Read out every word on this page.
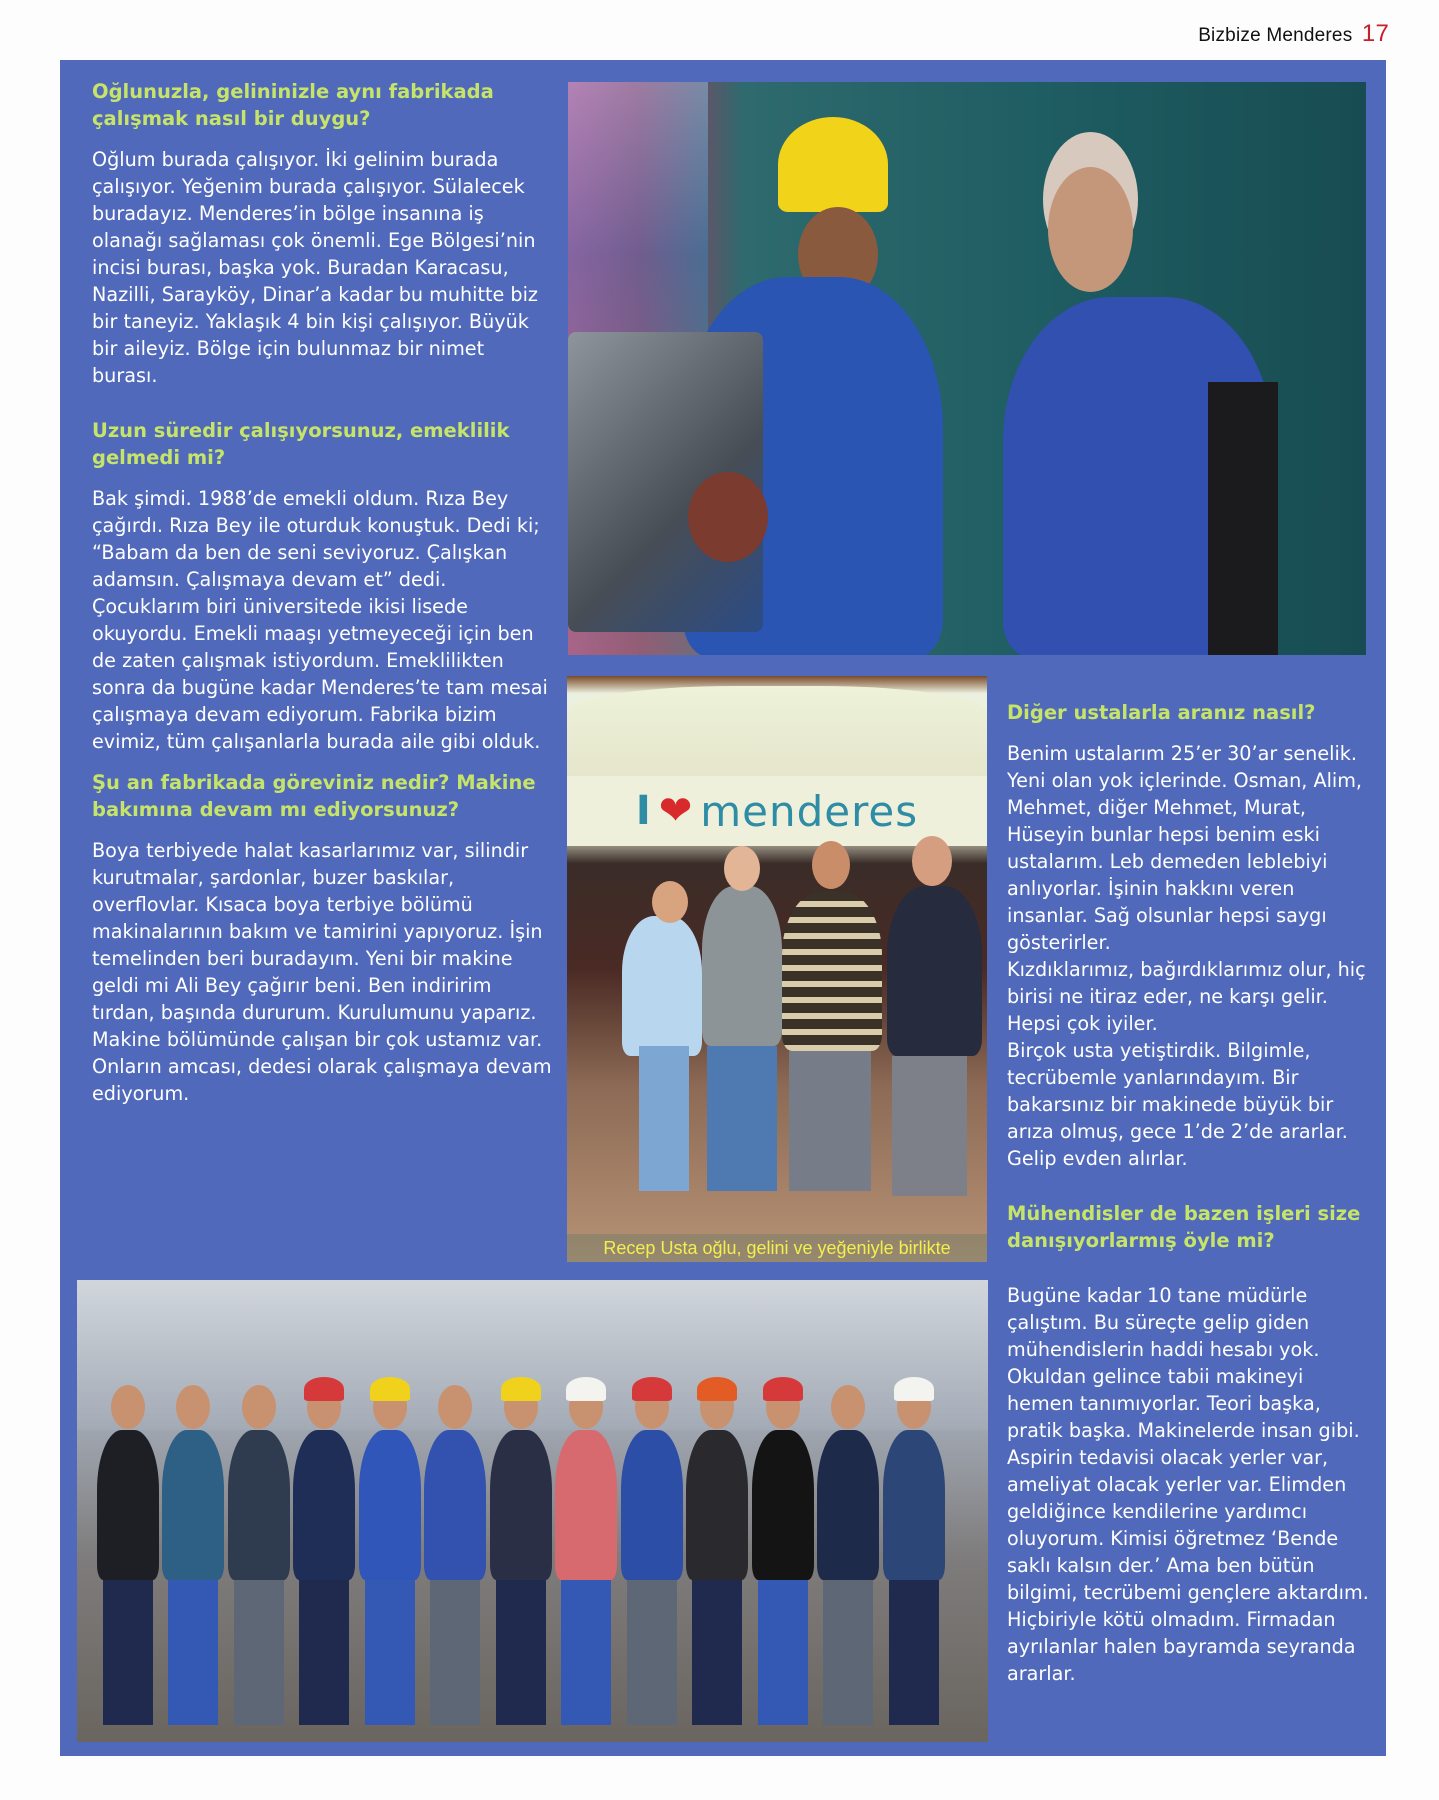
Bizbize Menderes 17

Oğlunuzla, gelininizle aynı fabrikada çalışmak nasıl bir duygu?

Oğlum burada çalışıyor. İki gelinim burada çalışıyor. Yeğenim burada çalışıyor. Sülalecek buradayız. Menderes’in bölge insanına iş olanağı sağlaması çok önemli. Ege Bölgesi’nin incisi burası, başka yok. Buradan Karacasu, Nazilli, Sarayköy, Dinar’a kadar bu muhitte biz bir taneyiz. Yaklaşık 4 bin kişi çalışıyor. Büyük bir aileyiz. Bölge için bulunmaz bir nimet burası.

Uzun süredir çalışıyorsunuz, emeklilik gelmedi mi?

Bak şimdi. 1988’de emekli oldum. Rıza Bey çağırdı. Rıza Bey ile oturduk konuştuk. Dedi ki; “Babam da ben de seni seviyoruz. Çalışkan adamsın. Çalışmaya devam et” dedi. Çocuklarım biri üniversitede ikisi lisede okuyordu. Emekli maaşı yetmeyeceği için ben de zaten çalışmak istiyordum. Emeklilikten sonra da bugüne kadar Menderes’te tam mesai çalışmaya devam ediyorum. Fabrika bizim evimiz, tüm çalışanlarla burada aile gibi olduk.

Şu an fabrikada göreviniz nedir? Makine bakımına devam mı ediyorsunuz?

Boya terbiyede halat kasarlarımız var, silindir
kurutmalar, şardonlar, buzer baskılar, overflovlar. Kısaca boya terbiye bölümü makinalarının bakım ve tamirini yapıyoruz. İşin temelinden beri buradayım. Yeni bir makine geldi mi Ali Bey çağırır beni. Ben indiririm tırdan, başında dururum. Kurulumunu yaparız. Makine bölümünde çalışan bir çok ustamız var. Onların amcası, dedesi olarak çalışmaya devam ediyorum.

Diğer ustalarla aranız nasıl?

Benim ustalarım 25’er 30’ar senelik. Yeni olan yok içlerinde. Osman, Alim, Mehmet, diğer Mehmet, Murat, Hüseyin bunlar hepsi benim eski
ustalarım. Leb demeden leblebiyi anlıyorlar. İşinin hakkını veren insanlar. Sağ olsunlar hepsi saygı gösterirler.
Kızdıklarımız, bağırdıklarımız olur, hiç birisi ne itiraz eder, ne karşı gelir. Hepsi çok iyiler.
Birçok usta yetiştirdik. Bilgimle, tecrübemle yanlarındayım. Bir bakarsınız bir makinede büyük bir arıza olmuş, gece 1’de 2’de ararlar. Gelip evden alırlar.

Mühendisler de bazen işleri size danışıyorlarmış öyle mi?

Bugüne kadar 10 tane müdürle çalıştım. Bu süreçte gelip giden mühendislerin haddi hesabı yok. Okuldan gelince tabii makineyi hemen tanımıyorlar. Teori başka, pratik başka. Makinelerde insan gibi. Aspirin tedavisi olacak yerler var, ameliyat olacak yerler var. Elimden geldiğince kendilerine yardımcı oluyorum. Kimisi öğretmez ‘Bende saklı kalsın der.’ Ama ben bütün bilgimi, tecrübemi gençlere aktardım. Hiçbiriyle kötü olmadım. Firmadan ayrılanlar halen bayramda seyranda ararlar.

I ❤ menderes
Recep Usta oğlu, gelini ve yeğeniyle birlikte
